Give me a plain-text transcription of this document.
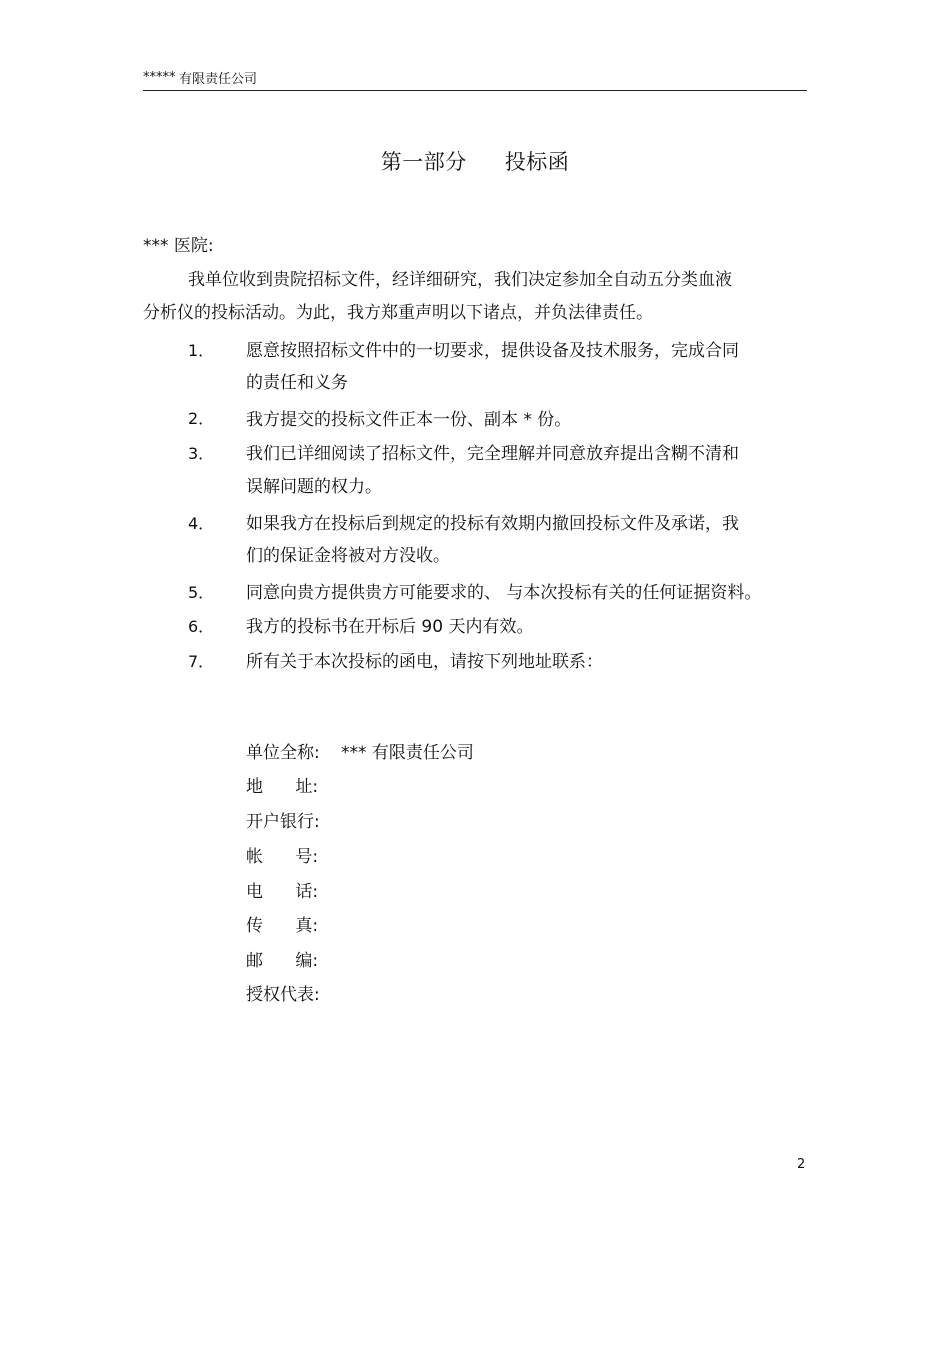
***** 有限责任公司
第一部分 投标函
*** 医院:
我单位收到贵院招标文件，经详细研究，我们决定参加全自动五分类血液
分析仪的投标活动。为此，我方郑重声明以下诸点，并负法律责任。
1． 愿意按照招标文件中的一切要求，提供设备及技术服务，完成合同
的责任和义务
2． 我方提交的投标文件正本一份、副本 * 份。
3． 我们已详细阅读了招标文件，完全理解并同意放弃提出含糊不清和
误解问题的权力。
4． 如果我方在投标后到规定的投标有效期内撤回投标文件及承诺，我
们的保证金将被对方没收。
5． 同意向贵方提供贵方可能要求的、 与本次投标有关的任何证据资料。
6． 我方的投标书在开标后 90 天内有效。
7． 所有关于本次投标的函电，请按下列地址联系：
单位全称: *** 有限责任公司
地      址:
开户银行:
帐      号:
电      话:
传      真:
邮      编:
授权代表:
2
